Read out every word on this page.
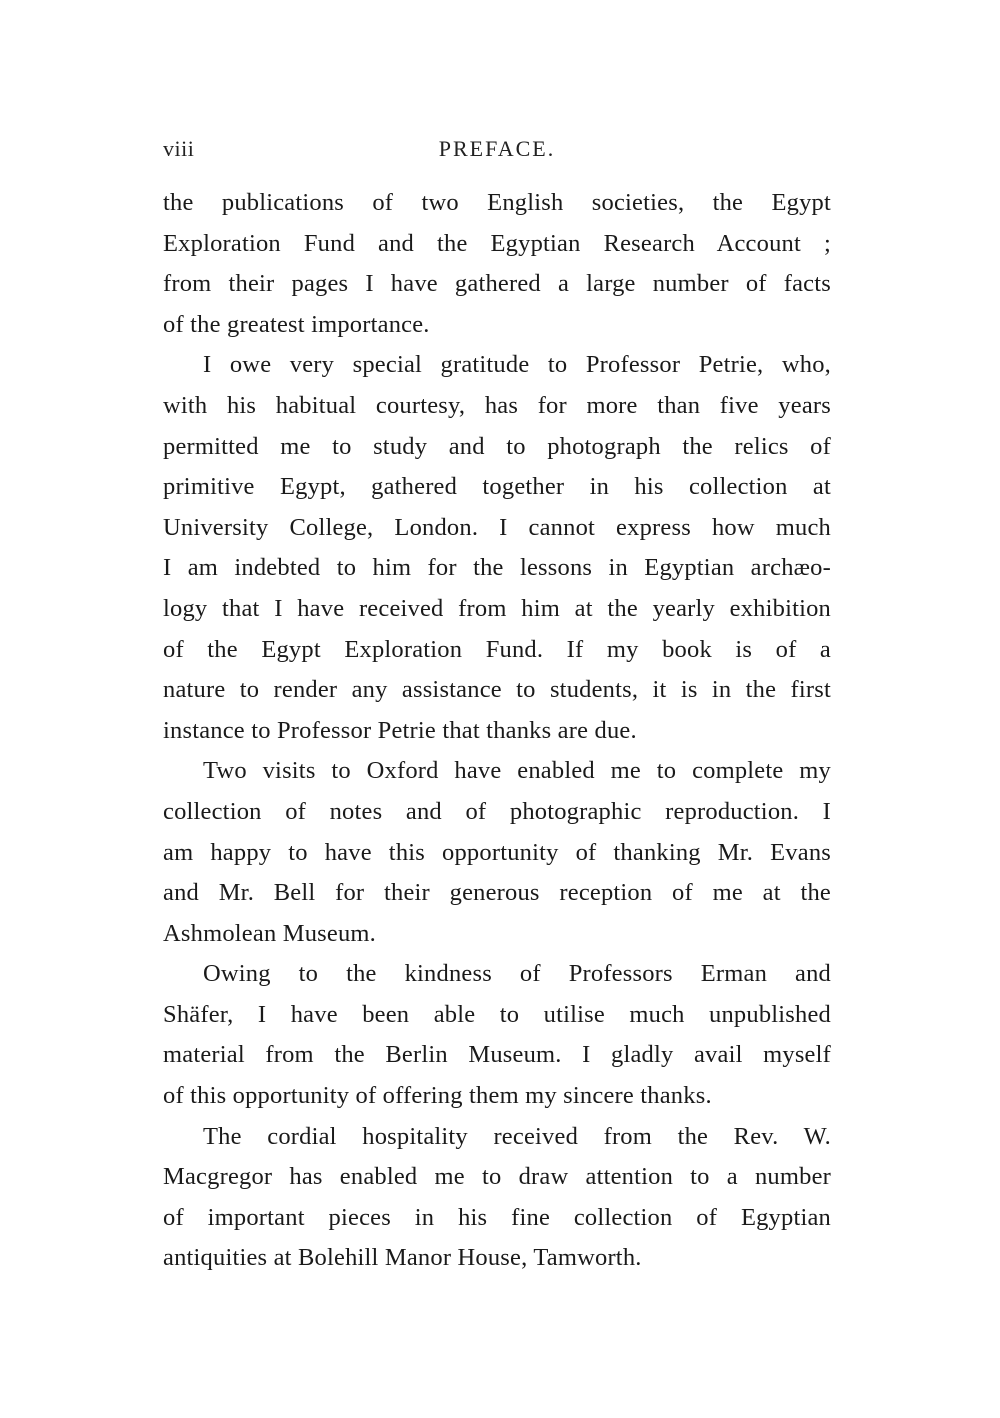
viii	PREFACE.
the publications of two English societies, the Egypt
Exploration Fund and the Egyptian Research Account ;
from their pages I have gathered a large number of facts
of the greatest importance.
I owe very special gratitude to Professor Petrie, who,
with his habitual courtesy, has for more than five years
permitted me to study and to photograph the relics of
primitive Egypt, gathered together in his collection at
University College, London. I cannot express how much
I am indebted to him for the lessons in Egyptian archæo-
logy that I have received from him at the yearly exhibition
of the Egypt Exploration Fund. If my book is of a
nature to render any assistance to students, it is in the first
instance to Professor Petrie that thanks are due.
Two visits to Oxford have enabled me to complete my
collection of notes and of photographic reproduction. I
am happy to have this opportunity of thanking Mr. Evans
and Mr. Bell for their generous reception of me at the
Ashmolean Museum.
Owing to the kindness of Professors Erman and
Shäfer, I have been able to utilise much unpublished
material from the Berlin Museum. I gladly avail myself
of this opportunity of offering them my sincere thanks.
The cordial hospitality received from the Rev. W.
Macgregor has enabled me to draw attention to a number
of important pieces in his fine collection of Egyptian
antiquities at Bolehill Manor House, Tamworth.
